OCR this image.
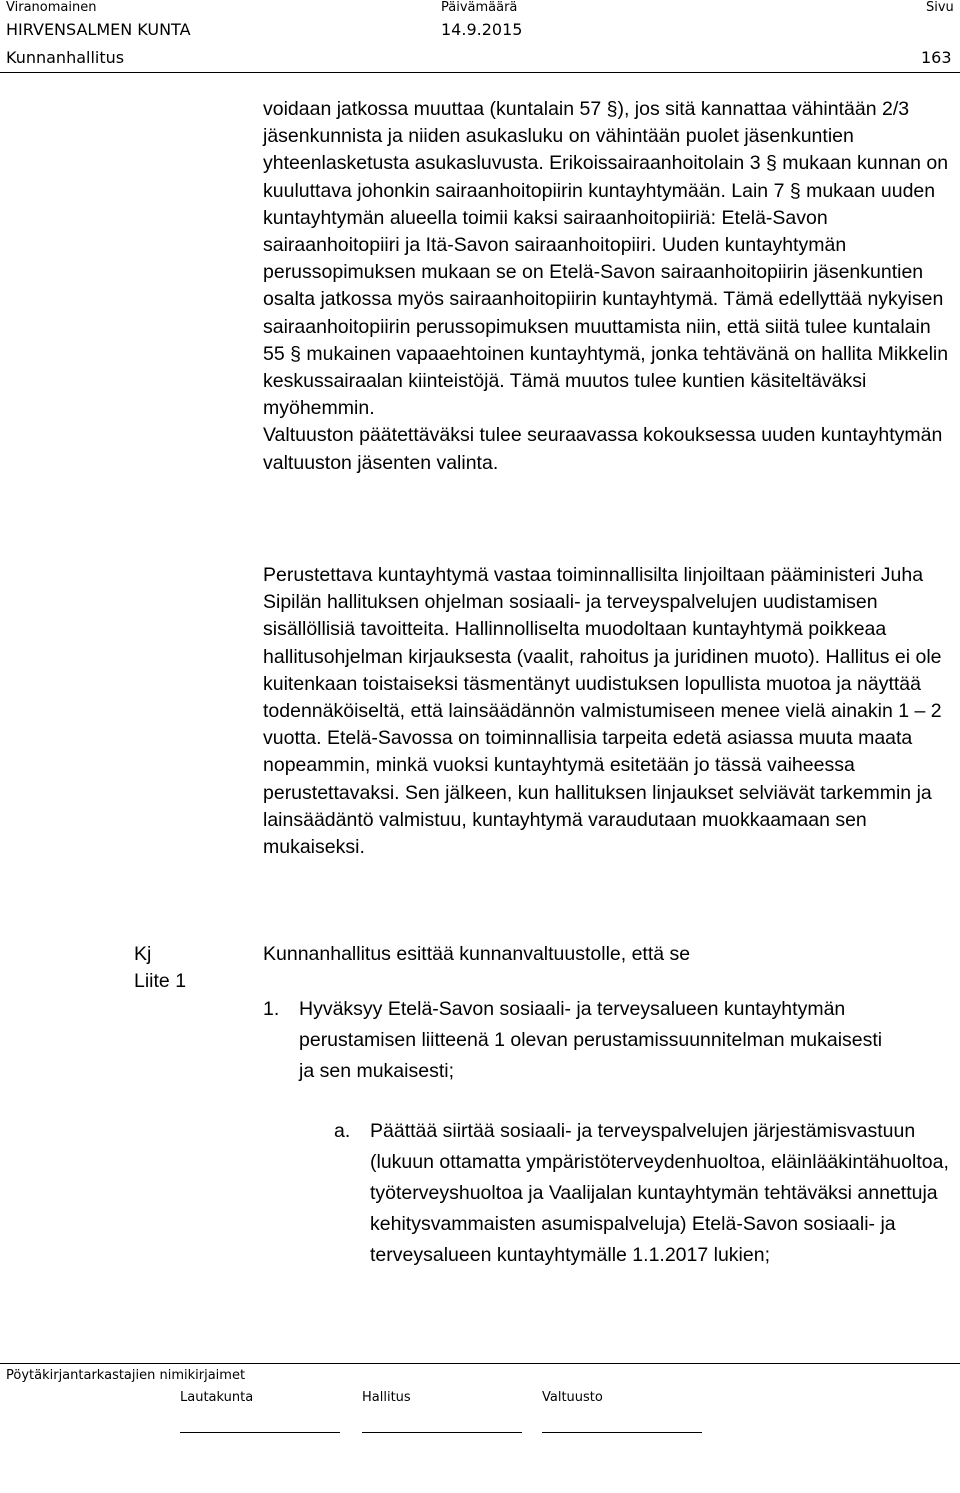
Viranomainen	Päivämäärä	Sivu
HIRVENSALMEN KUNTA	14.9.2015
Kunnanhallitus	163
voidaan jatkossa muuttaa (kuntalain 57 §), jos sitä kannattaa vähintään 2/3 jäsenkunnista ja niiden asukasluku on vähintään puolet jäsenkuntien yhteenlasketusta asukasluvusta. Erikoissairaanhoitolain 3 § mukaan kunnan on kuuluttava johonkin sairaanhoitopiirin kuntayhtymään. Lain 7 § mukaan uuden kuntayhtymän alueella toimii kaksi sairaanhoitopiiriä: Etelä-Savon sairaanhoitopiiri ja Itä-Savon sairaanhoitopiiri. Uuden kuntayhtymän perussopimuksen mukaan se on Etelä-Savon sairaanhoitopiirin jäsenkuntien osalta jatkossa myös sairaanhoitopiirin kuntayhtymä. Tämä edellyttää nykyisen sairaanhoitopiirin perussopimuksen muuttamista niin, että siitä tulee kuntalain 55 § mukainen vapaaehtoinen kuntayhtymä, jonka tehtävänä on hallita Mikkelin keskussairaalan kiinteistöjä. Tämä muutos tulee kuntien käsiteltäväksi myöhemmin.
Valtuuston päätettäväksi tulee seuraavassa kokouksessa uuden kuntayhtymän valtuuston jäsenten valinta.
Perustettava kuntayhtymä vastaa toiminnallisilta linjoiltaan pääministeri Juha Sipilän hallituksen ohjelman sosiaali- ja terveyspalvelujen uudistamisen sisällöllisiä tavoitteita. Hallinnolliselta muodoltaan kuntayhtymä poikkeaa hallitusohjelman kirjauksesta (vaalit, rahoitus ja juridinen muoto). Hallitus ei ole kuitenkaan toistaiseksi täsmentänyt uudistuksen lopullista muotoa ja näyttää todennäköiseltä, että lainsäädännön valmistumiseen menee vielä ainakin 1 – 2 vuotta. Etelä-Savossa on toiminnallisia tarpeita edetä asiassa muuta maata nopeammin, minkä vuoksi kuntayhtymä esitetään jo tässä vaiheessa perustettavaksi. Sen jälkeen, kun hallituksen linjaukset selviävät tarkemmin ja lainsäädäntö valmistuu, kuntayhtymä varaudutaan muokkaamaan sen mukaiseksi.
Kj
Liite 1
Kunnanhallitus esittää kunnanvaltuustolle, että se
1. Hyväksyy Etelä-Savon sosiaali- ja terveysalueen kuntayhtymän perustamisen liitteenä 1 olevan perustamissuunnitelman mukaisesti ja sen mukaisesti;
a. Päättää siirtää sosiaali- ja terveyspalvelujen järjestämisvastuun (lukuun ottamatta ympäristöterveydenhuoltoa, eläinlääkintähuoltoa, työterveyshuoltoa ja Vaalijalan kuntayhtymän tehtäväksi annettuja kehitysvammaisten asumispalveluja) Etelä-Savon sosiaali- ja terveysalueen kuntayhtymälle 1.1.2017 lukien;
Pöytäkirjantarkastajien nimikirjaimet
Lautakunta	Hallitus	Valtuusto
